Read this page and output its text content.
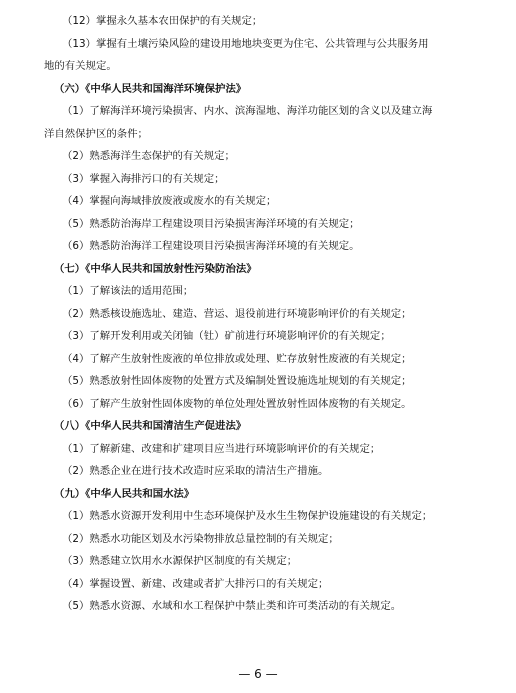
（12）掌握永久基本农田保护的有关规定；
（13）掌握有土壤污染风险的建设用地地块变更为住宅、公共管理与公共服务用
地的有关规定。
（六）《中华人民共和国海洋环境保护法》
（1）了解海洋环境污染损害、内水、滨海湿地、海洋功能区划的含义以及建立海
洋自然保护区的条件；
（2）熟悉海洋生态保护的有关规定；
（3）掌握入海排污口的有关规定；
（4）掌握向海域排放废液或废水的有关规定；
（5）熟悉防治海岸工程建设项目污染损害海洋环境的有关规定；
（6）熟悉防治海洋工程建设项目污染损害海洋环境的有关规定。
（七）《中华人民共和国放射性污染防治法》
（1）了解该法的适用范围；
（2）熟悉核设施选址、建造、营运、退役前进行环境影响评价的有关规定；
（3）了解开发利用或关闭铀（钍）矿前进行环境影响评价的有关规定；
（4）了解产生放射性废液的单位排放或处理、贮存放射性废液的有关规定；
（5）熟悉放射性固体废物的处置方式及编制处置设施选址规划的有关规定；
（6）了解产生放射性固体废物的单位处理处置放射性固体废物的有关规定。
（八）《中华人民共和国清洁生产促进法》
（1）了解新建、改建和扩建项目应当进行环境影响评价的有关规定；
（2）熟悉企业在进行技术改造时应采取的清洁生产措施。
（九）《中华人民共和国水法》
（1）熟悉水资源开发利用中生态环境保护及水生生物保护设施建设的有关规定；
（2）熟悉水功能区划及水污染物排放总量控制的有关规定；
（3）熟悉建立饮用水水源保护区制度的有关规定；
（4）掌握设置、新建、改建或者扩大排污口的有关规定；
（5）熟悉水资源、水域和水工程保护中禁止类和许可类活动的有关规定。
— 6 —
